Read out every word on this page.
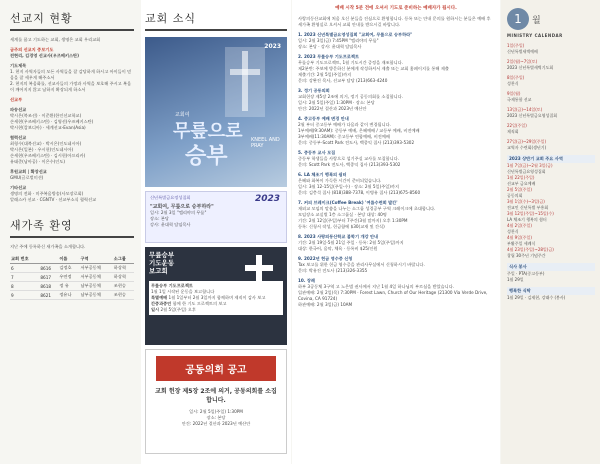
선교지 현황
세계를 품고 기도하는 교회, 생명은 교회 우리교회
금주의 선교지 중보기도
전현리, 김경영 선교사(우즈베키스탄)
기도제목
1. 현지 사역자들의 모든 사역들을 잘 감당하게 하시고 아이들이 믿음을 잘 세우게 해주소서
2. 현지의 복음화를, 선교사들의 가정과 사역을 보호해 주시고 복음이 깨어지지 않고 남하지 확장되게 하소서
선교부
파송선교
박시은(북조선) · 이준환(한인선교학교)
손세현(우즈베키스탄) · 김영선(우즈베키스탄)
박시현(캄보디아) · 세계선교-Evan(Asia)
협력선교
최형수(대북선교) · 박시은(인도네시아)
박시은(일본) · 우시헌(인도네시아)
손세현(우즈베키스탄) · 김시헌(아프리카)
유태준(남아공) · 이은수(인도)
후원교회 | 확장선교
GMU(글로벌미션)
기타선교
생명의 전화 · 미주복음방송(사모장로회)
알래스카 선교 · CGNTV · 선교부소식 협력선교
새가족 환영
지난 주에 등록하신 새가족을 소개합니다.
교회 번호		이름	구역	소그룹
6	8616	김정호	서부공동체	하상혁
7	8617	우연정	서부공동체	하상혁
8	8618	정 유	남부공동체	조현승
9	8621	정유나	남부공동체	조현승
교회 소식
2023
교회여
무릎으로
승부
KNEEL AND PRAY
신년특별금요정성집회	2023
"교회여, 무릎으로 승부하라"
일시: 2월 3일 "엘리야의 무릎"
장소: 본당
강사: 윤대혁 담임목사
무릎승부
기도운동
보고회
무릎승부 기도프로젝트
1월 1일 시작된 운동을 보고합니다
특별예배 1월 1일부터 2월 3일까지 함께하며 제직이 감사 보고
간증과증언 함께 한 기도 프로젝트의 보고
일시 2월 5일(주일) 오후
공동의회 공고
교회 헌장 제5장 2조에 의거, 공동의회를 소집합니다.
일시: 2월 5일(주일) 1:30PM
장소: 본당
안건: 2022년 결산과 2023년 예산안
예배 시작 5분 전에 오셔서 기도로 준비하는 예배자가 됩시다.
사랑의동산교회에 처음 오신 분들을 진심으로 환영합니다. 등록 또는 안내 문의를 원하시는 분들은 예배 후 세가족 환영실로 오셔서 교회 안내를 받으시길 바랍니다.
1. 2023 신년특별금요영성집회 "교회여, 무릎으로 승부하라"
일시: 2월 3일(금) 7:45PM "엘리야의 무릎"
장소: 본당 · 강사: 윤대혁 담임목사
2. 2023 무릎승부 기도프로젝트
무릎승부 기도프로젝트, 1월 기도시간 증정을 재조합니다.
제2분반: 주보에 방문하신 분에게 작성하셔서 제출 또는 교회 홈페이지를 통해 제출
제출기간: 2월 5일(주일)까지
문의: 강완진 목사, 선교부 담당 (213)663-4240
3. 정기 공동의회
교회헌장 제5장 2조에 의거, 정기 공동의회를 소집합니다.
일시: 2월 5일(주일) 1:30PM · 장소: 본당
안건: 2022년 결산과 2023년 예산안
4. 중고등부 예배 변경 안내
2월 부터 중고등부 예배가 다음과 같이 변경됩니다.
1부예배(9:30AM): 중등부 예배, 은혜예배 / 교등부 예배, 비전예배
3부예배(11:30AM): 중고등부 연합예배, 비전예배
문의: 중등부-Scott Park 전도사, 백종익 집사 (213)393-5302
5. 중등부 교사 모집
중등부 학생들을 사랑으로 섬기주실 교사를 모집합니다.
문의: Scott Park 전도사, 백종익 집사 (213)393-5302
6. LA 체조기 행복의 쉼터
은혜와 화복이 가득한 시간이 준비되었습니다.
일시: 3월 12-15일(주일-수) · 장소: 2월 5일(주일)까지
문의: 김충석 집사 (818)388-7378, 이병유 집사 (213)675-8560
7. 커피 브레이크(Coffee Break) '여름수련회 발간'
재외교 모임의 말씀을 나누는 소그룹 성경공부 구역 크레이크에 초대합니다.
모임장소 교실별 1층 소그룹실 · 본당 대상: 40명
기간: 2월 12일(주일)부터 7주간(3월 말까지) 오후 1:30PM
등록: 신청서 작성, 헌금함에 $30(교재 및 간식)
8. 2023 사랑의동산학교 봄학기 개강 안내
기간: 2월 19일-5월 21일 주일 · 등록: 2월 5일(주일)까지
대상: 한국어, 음악, 체육 · 등록비 $25/인원
9. 2022년 헌금 영수증 신청
Tax 보고를 위한 헌금 영수증을 관리사무실에서 신청하시기 바랍니다.
문의: 박유진 전도사 (213)326-3355
10. 장례
하부 3공동체 3구역 고 노은범 권사께서 지난 1월 4일 하나님의 부르심을 받았습니다.
입관예배: 2월 2일(목) 7:30PM · Forest Lawn, Church of Our Heritage (21300 Via Verde Drive, Covina, CA 91724)
하관예배: 2월 3일(금) 10AM
1	월
MINISTRY CALENDAR
1일(주일)
신년특별새벽예배
2일(월)~7일(토)
2023 신년특별새벽기도회
8일(주일)
성찬식
9일(월)
국제통합 선교
13일(금)~14일(토)
2023 신년특별금요영성집회
22일(주일)
제직회
27일(금)~29일(주일)
교역자 수련회(생년기)
2023 상반기 교회 주요 사역
1월 7일(금)~2월 3일(금)
신년특별금요영성집회
1월 22일(주일)
선교부 금요예배
2월 5일(주일)
공동의회
3월 1일(수)~3일(금)
전교인 신년특별 부흥회
3월 12일(주일)~15일(수)
LA 체조기 행복의 쉼터
4월 2일(주일)
성찬식
4월 9일(주일)
부활주일 세례식
4월 23일(주일)~28일(금)
창립 30주년 기념주간
식사 봉사
주일 · PTA(중고등부)
1월 29일
행복한 식탁
1월 29일 · 김제현, 강래수 (봉사)
